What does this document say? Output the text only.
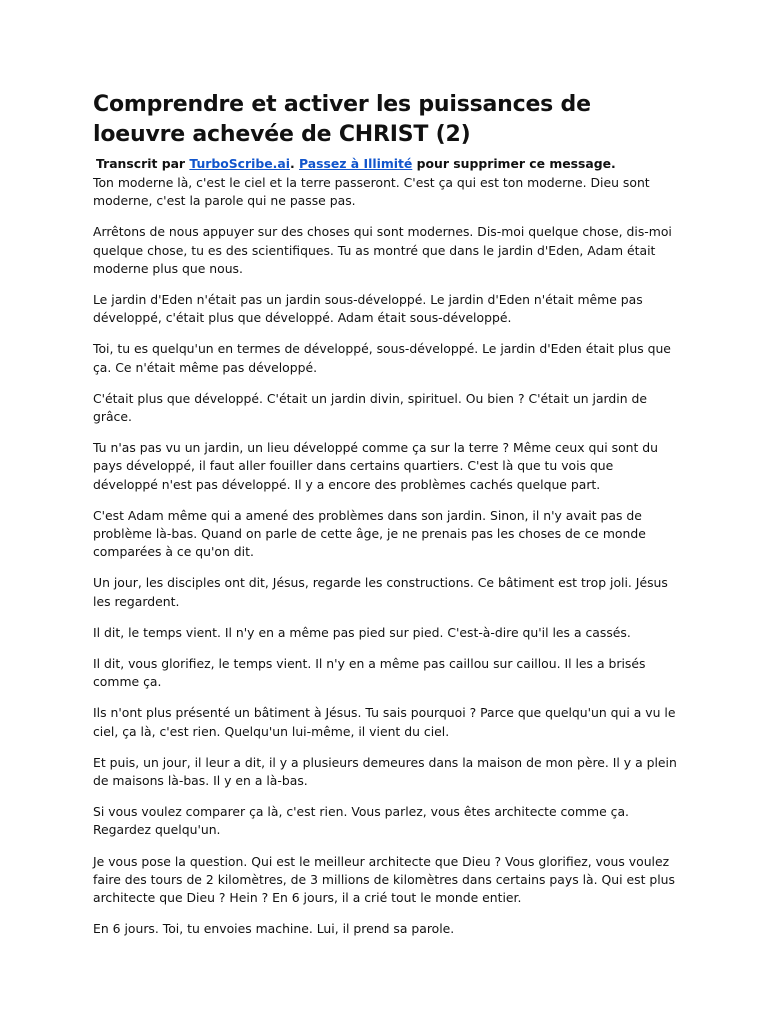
Comprendre et activer les puissances de loeuvre achevée de CHRIST (2)
Transcrit par TurboScribe.ai. Passez à Illimité pour supprimer ce message.

Ton moderne là, c'est le ciel et la terre passeront. C'est ça qui est ton moderne. Dieu sont moderne, c'est la parole qui ne passe pas.

Arrêtons de nous appuyer sur des choses qui sont modernes. Dis-moi quelque chose, dis-moi quelque chose, tu es des scientifiques. Tu as montré que dans le jardin d'Eden, Adam était moderne plus que nous.

Le jardin d'Eden n'était pas un jardin sous-développé. Le jardin d'Eden n'était même pas développé, c'était plus que développé. Adam était sous-développé.

Toi, tu es quelqu'un en termes de développé, sous-développé. Le jardin d'Eden était plus que ça. Ce n'était même pas développé.

C'était plus que développé. C'était un jardin divin, spirituel. Ou bien ? C'était un jardin de grâce.

Tu n'as pas vu un jardin, un lieu développé comme ça sur la terre ? Même ceux qui sont du pays développé, il faut aller fouiller dans certains quartiers. C'est là que tu vois que développé n'est pas développé. Il y a encore des problèmes cachés quelque part.

C'est Adam même qui a amené des problèmes dans son jardin. Sinon, il n'y avait pas de problème là-bas. Quand on parle de cette âge, je ne prenais pas les choses de ce monde comparées à ce qu'on dit.

Un jour, les disciples ont dit, Jésus, regarde les constructions. Ce bâtiment est trop joli. Jésus les regardent.

Il dit, le temps vient. Il n'y en a même pas pied sur pied. C'est-à-dire qu'il les a cassés.

Il dit, vous glorifiez, le temps vient. Il n'y en a même pas caillou sur caillou. Il les a brisés comme ça.

Ils n'ont plus présenté un bâtiment à Jésus. Tu sais pourquoi ? Parce que quelqu'un qui a vu le ciel, ça là, c'est rien. Quelqu'un lui-même, il vient du ciel.

Et puis, un jour, il leur a dit, il y a plusieurs demeures dans la maison de mon père. Il y a plein de maisons là-bas. Il y en a là-bas.

Si vous voulez comparer ça là, c'est rien. Vous parlez, vous êtes architecte comme ça. Regardez quelqu'un.

Je vous pose la question. Qui est le meilleur architecte que Dieu ? Vous glorifiez, vous voulez faire des tours de 2 kilomètres, de 3 millions de kilomètres dans certains pays là. Qui est plus architecte que Dieu ? Hein ? En 6 jours, il a crié tout le monde entier.

En 6 jours. Toi, tu envoies machine. Lui, il prend sa parole.
